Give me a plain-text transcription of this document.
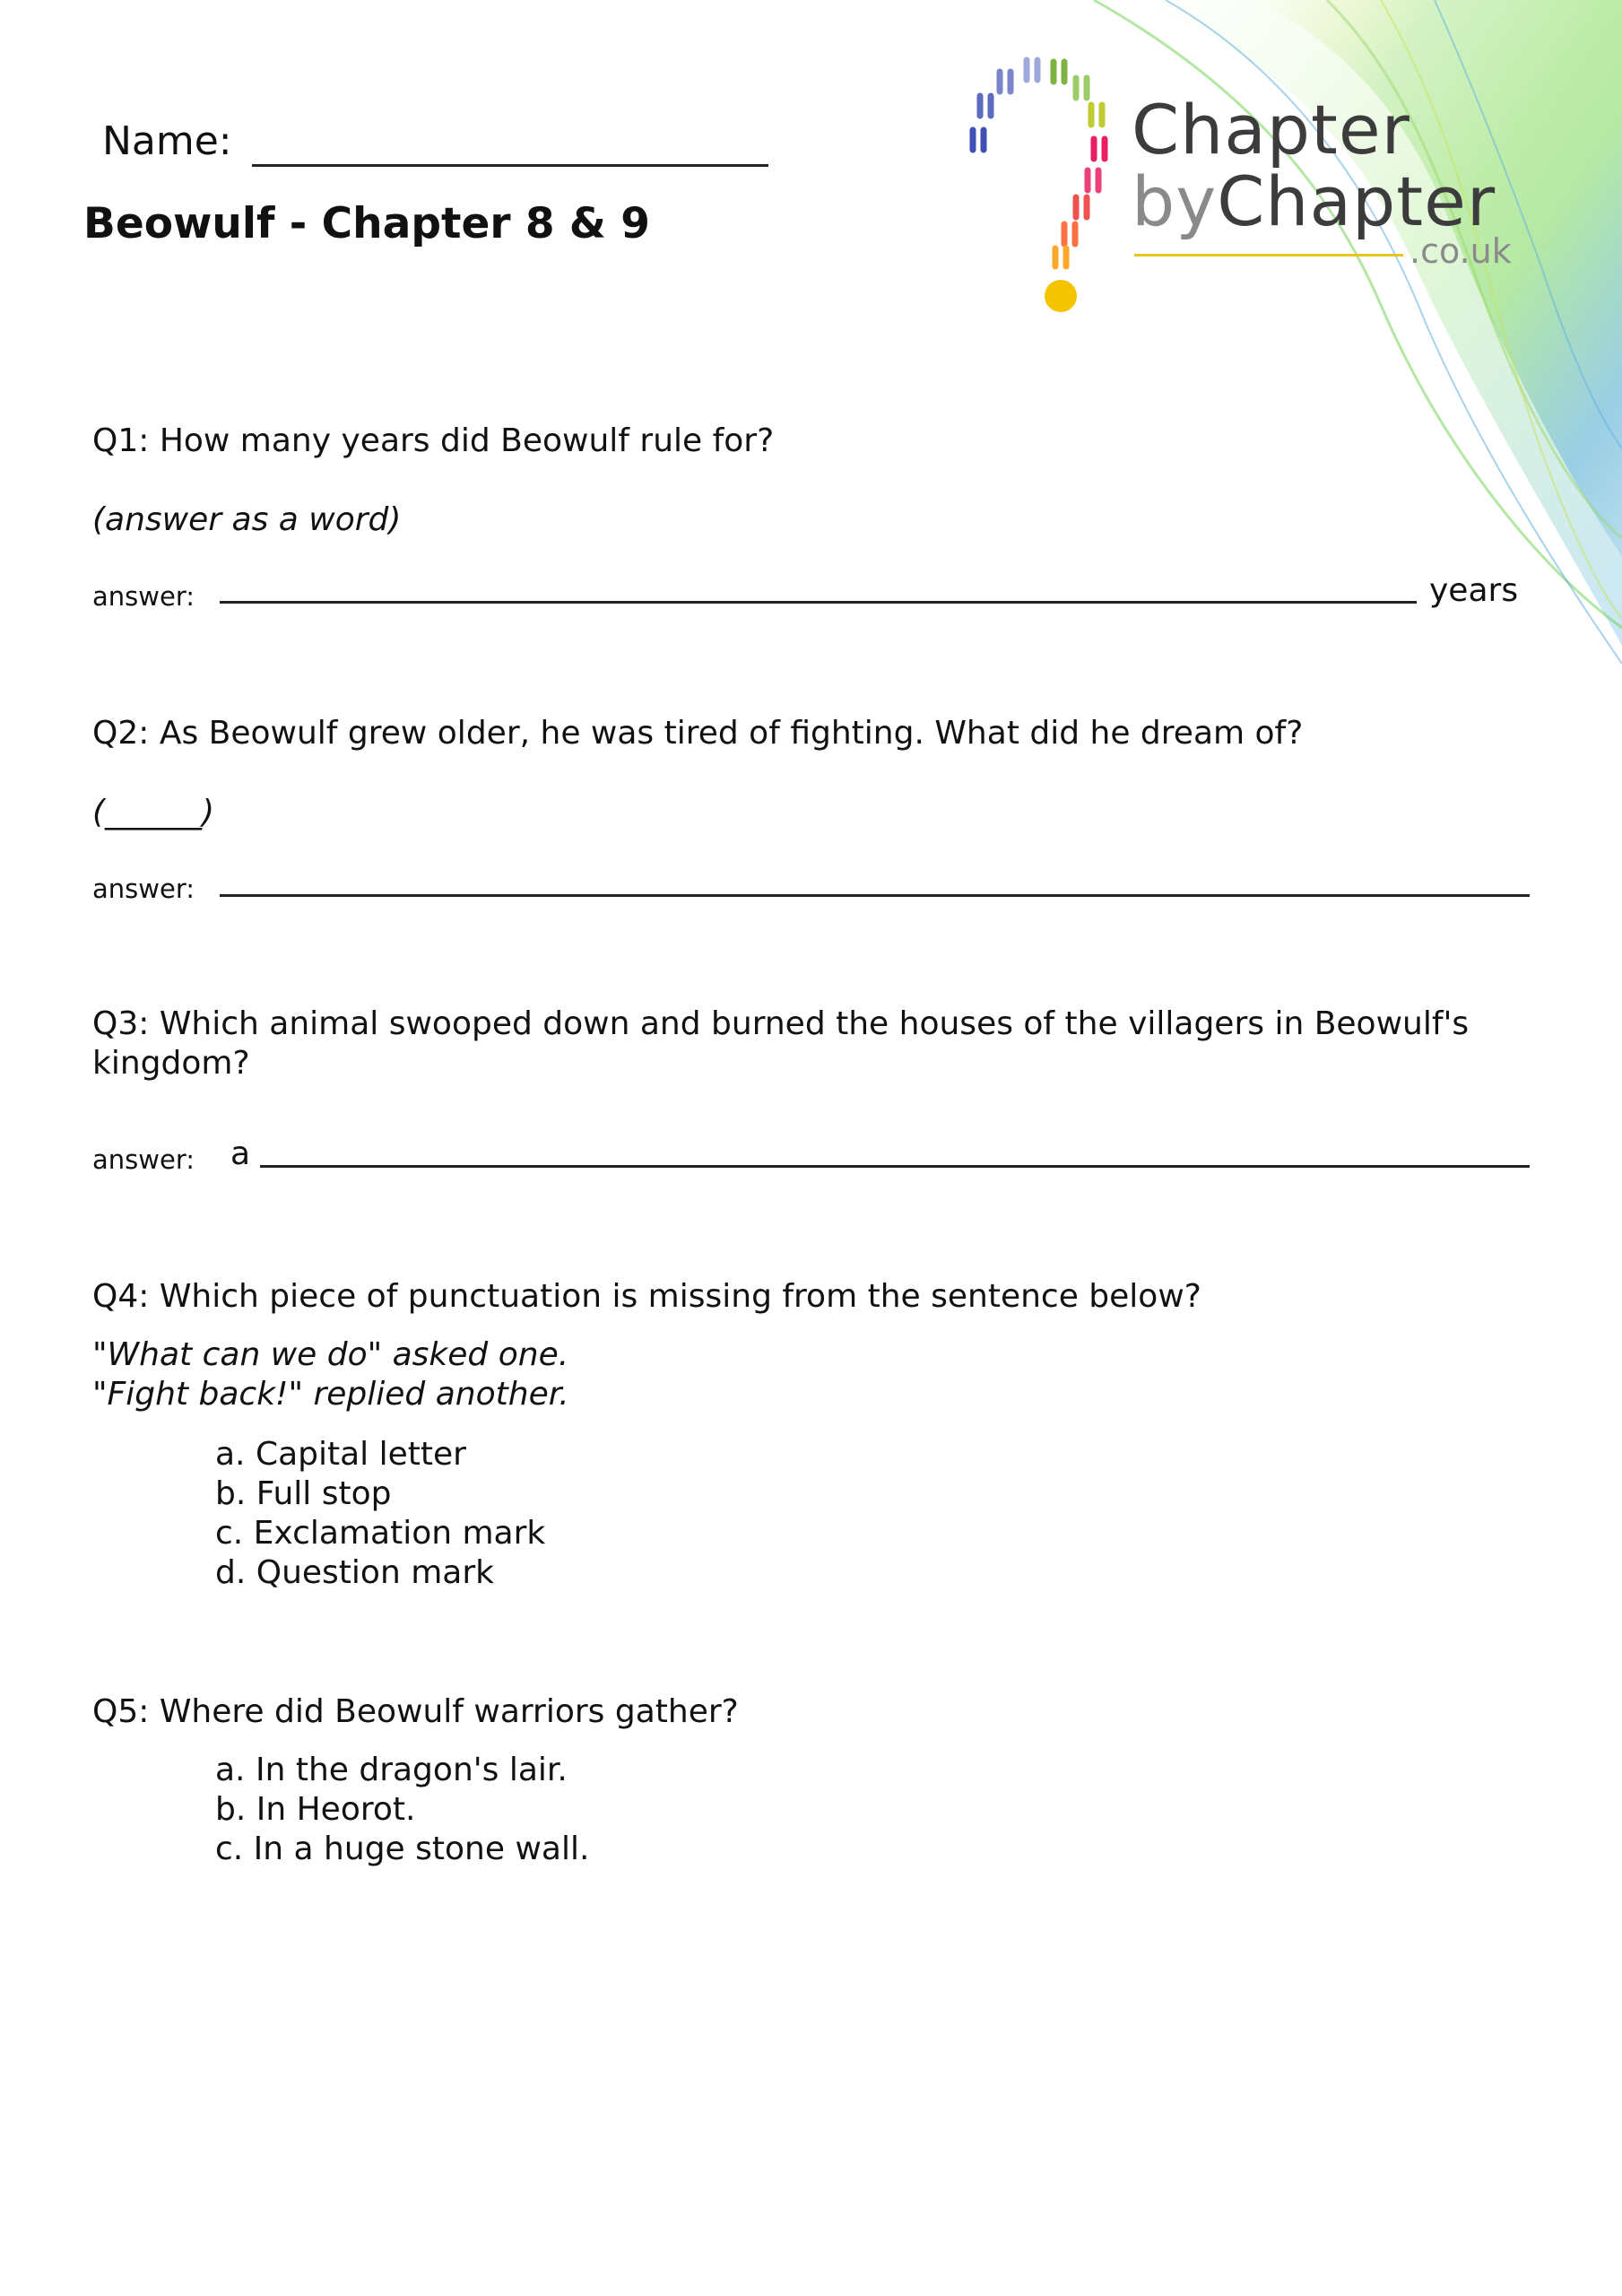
Chapter
byChapter
.co.uk
Name:
Beowulf - Chapter 8 & 9
Q1: How many years did Beowulf rule for?
(answer as a word)
answer:	years
Q2: As Beowulf grew older, he was tired of fighting. What did he dream of?
(______)
answer:
Q3: Which animal swooped down and burned the houses of the villagers in Beowulf's kingdom?
answer: a
Q4: Which piece of punctuation is missing from the sentence below?
"What can we do" asked one.
"Fight back!" replied another.
a. Capital letter
b. Full stop
c. Exclamation mark
d. Question mark
Q5: Where did Beowulf warriors gather?
a. In the dragon's lair.
b. In Heorot.
c. In a huge stone wall.
